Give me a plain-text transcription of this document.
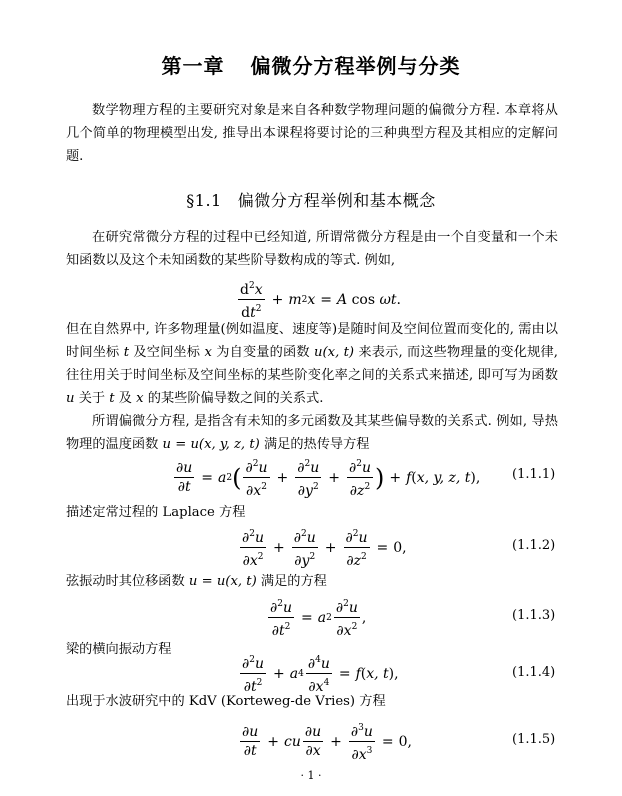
第一章 偏微分方程举例与分类
数学物理方程的主要研究对象是来自各种数学物理问题的偏微分方程. 本章将从几个简单的物理模型出发, 推导出本课程将要讨论的三种典型方程及其相应的定解问题.
§1.1 偏微分方程举例和基本概念
在研究常微分方程的过程中已经知道, 所谓常微分方程是由一个自变量和一个未知函数以及这个未知函数的某些阶导数构成的等式. 例如,
$\frac{d^2x}{dt^2} + m$ 2 x = A cos ωt .
但在自然界中, 许多物理量(例如温度、速度等)是随时间及空间位置而变化的, 需由以时间坐标 t 及空间坐标 x 为自变量的函数 u(x, t) 来表示, 而这些物理量的变化规律, 往往用关于时间坐标及空间坐标的某些阶变化率之间的关系式来描述, 即可写为函数 u 关于 t 及 x 的某些阶偏导数之间的关系式.
所谓偏微分方程, 是指含有未知的多元函数及其某些偏导数的关系式. 例如, 导热物理的温度函数 u = u(x, y, z, t) 满足的热传导方程
$\frac{\partial u}{\partial t} = a$ 2 ( $\frac{\partial^2u}{\partial x^2} + \frac{\partial^2u}{\partial y^2} + \frac{\partial^2u}{\partial z^2}$ ) + f ( x, y, z, t ), (1.1.1)
描述定常过程的 Laplace 方程
$\frac{\partial^2u}{\partial x^2} + \frac{\partial^2u}{\partial y^2} + \frac{\partial^2u}{\partial z^2} = 0$,	(1.1.2)
弦振动时其位移函数 u = u(x, t) 满足的方程
$\frac{\partial^2u}{\partial t^2} = a$ $2 \frac{\partial^2u}{\partial x^2}$ ,	(1.1.3)
梁的横向振动方程
$\frac{\partial^2u}{\partial t^2} + a$ $4 \frac{\partial^4u}{\partial x^4} = f$ ( x, t ),	(1.1.4)
出现于水波研究中的 KdV (Korteweg-de Vries) 方程
$\frac{\partial u}{\partial t}$ + cu $\frac{\partial u}{\partial x} + \frac{\partial^3u}{\partial x^3} = 0$,	(1.1.5)
· 1 ·
